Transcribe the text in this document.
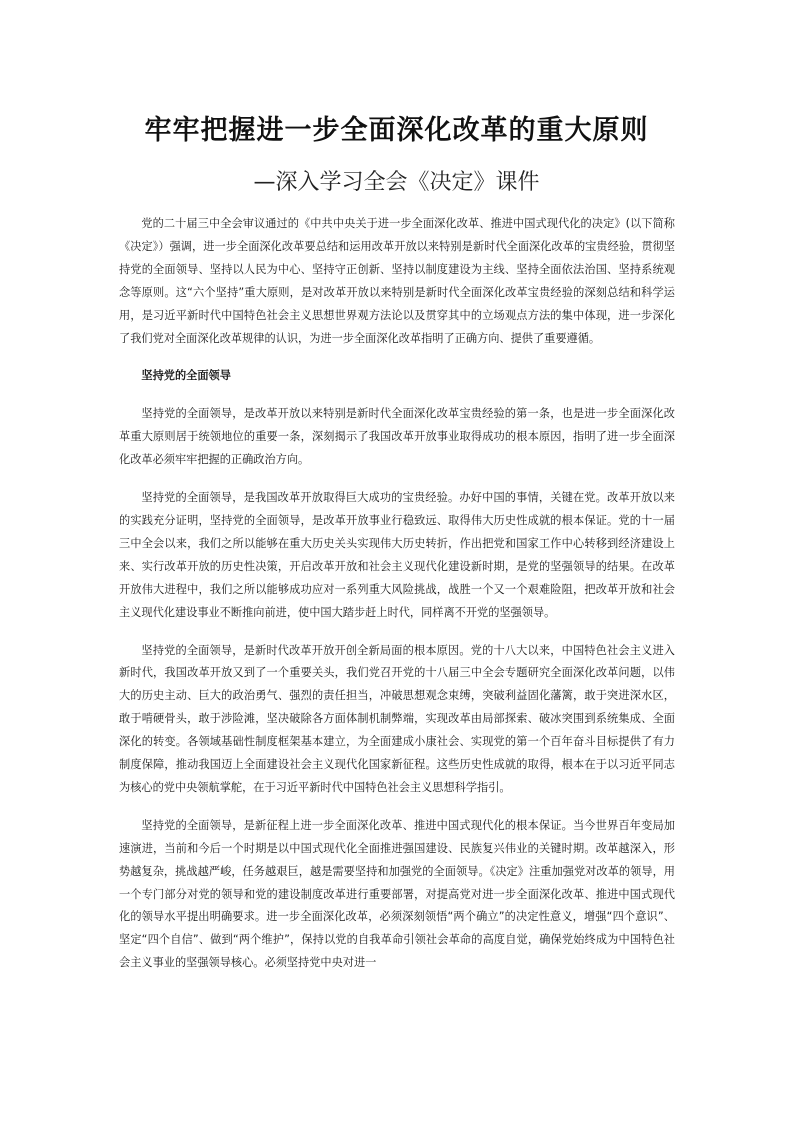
牢牢把握进一步全面深化改革的重大原则
—深入学习全会《决定》课件

党的二十届三中全会审议通过的《中共中央关于进一步全面深化改革、推进中国式现代化的决定》(以下简称《决定》）强调，进一步全面深化改革要总结和运用改革开放以来特别是新时代全面深化改革的宝贵经验，贯彻坚持党的全面领导、坚持以人民为中心、坚持守正创新、坚持以制度建设为主线、坚持全面依法治国、坚持系统观念等原则。这“六个坚持”重大原则，是对改革开放以来特别是新时代全面深化改革宝贵经验的深刻总结和科学运用，是习近平新时代中国特色社会主义思想世界观方法论以及贯穿其中的立场观点方法的集中体现，进一步深化了我们党对全面深化改革规律的认识，为进一步全面深化改革指明了正确方向、提供了重要遵循。

坚持党的全面领导

坚持党的全面领导，是改革开放以来特别是新时代全面深化改革宝贵经验的第一条，也是进一步全面深化改革重大原则居于统领地位的重要一条，深刻揭示了我国改革开放事业取得成功的根本原因，指明了进一步全面深化改革必须牢牢把握的正确政治方向。

坚持党的全面领导，是我国改革开放取得巨大成功的宝贵经验。办好中国的事情，关键在党。改革开放以来的实践充分证明，坚持党的全面领导，是改革开放事业行稳致远、取得伟大历史性成就的根本保证。党的十一届三中全会以来，我们之所以能够在重大历史关头实现伟大历史转折，作出把党和国家工作中心转移到经济建设上来、实行改革开放的历史性决策，开启改革开放和社会主义现代化建设新时期，是党的坚强领导的结果。在改革开放伟大进程中，我们之所以能够成功应对一系列重大风险挑战，战胜一个又一个艰难险阻，把改革开放和社会主义现代化建设事业不断推向前进，使中国大踏步赶上时代，同样离不开党的坚强领导。

坚持党的全面领导，是新时代改革开放开创全新局面的根本原因。党的十八大以来，中国特色社会主义进入新时代，我国改革开放又到了一个重要关头，我们党召开党的十八届三中全会专题研究全面深化改革问题，以伟大的历史主动、巨大的政治勇气、强烈的责任担当，冲破思想观念束缚，突破利益固化藩篱，敢于突进深水区，敢于啃硬骨头，敢于涉险滩，坚决破除各方面体制机制弊端，实现改革由局部探索、破冰突围到系统集成、全面深化的转变。各领域基础性制度框架基本建立，为全面建成小康社会、实现党的第一个百年奋斗目标提供了有力制度保障，推动我国迈上全面建设社会主义现代化国家新征程。这些历史性成就的取得，根本在于以习近平同志为核心的党中央领航掌舵，在于习近平新时代中国特色社会主义思想科学指引。

坚持党的全面领导，是新征程上进一步全面深化改革、推进中国式现代化的根本保证。当今世界百年变局加速演进，当前和今后一个时期是以中国式现代化全面推进强国建设、民族复兴伟业的关键时期。改革越深入，形势越复杂，挑战越严峻，任务越艰巨，越是需要坚持和加强党的全面领导。《决定》注重加强党对改革的领导，用一个专门部分对党的领导和党的建设制度改革进行重要部署，对提高党对进一步全面深化改革、推进中国式现代化的领导水平提出明确要求。进一步全面深化改革，必须深刻领悟“两个确立”的决定性意义，增强“四个意识”、坚定“四个自信”、做到“两个维护”，保持以党的自我革命引领社会革命的高度自觉，确保党始终成为中国特色社会主义事业的坚强领导核心。必须坚持党中央对进一
